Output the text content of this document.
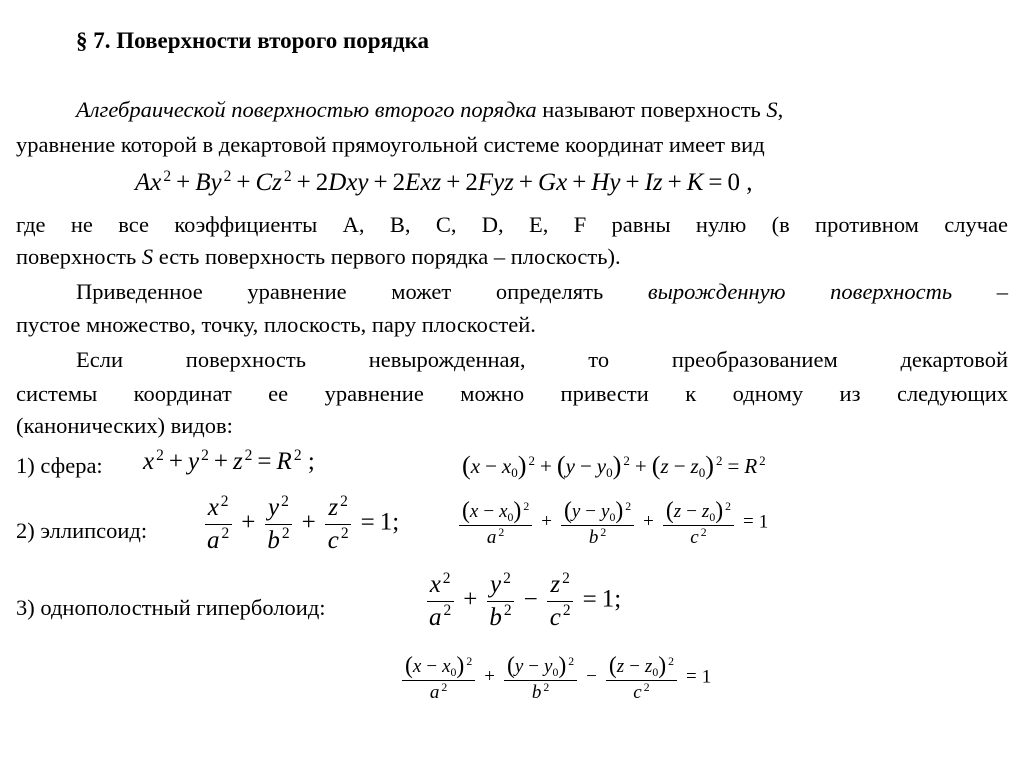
§ 7. Поверхности второго порядка
Алгебраической поверхностью второго порядка называют поверхность S,
уравнение которой в декартовой прямоугольной системе координат имеет вид
Ax $^2$ + By $^2$ + Cz $^2$ + 2Dxy + 2Exz + 2Fyz + Gx + Hy + Iz + K = 0 ,
где не все коэффициенты A, B, C, D, E, F равны нулю (в противном случае
поверхность S есть поверхность первого порядка – плоскость).
Приведенное уравнение может определять вырожденную поверхность –
пустое множество, точку, плоскость, пару плоскостей.
Если поверхность невырожденная, то преобразованием декартовой
системы координат ее уравнение можно привести к одному из следующих
(канонических) видов:
1) сфера: x $^2$ + y $^2$ + z $^2$ = R $^2$ ;	$(x - x_0)$ $^2 + (y - y_0)$ $^2 + (z - z_0)$ $^2$ = R $^2$
2) эллипсоид: $\frac{x ^2}{a ^2} + \frac{y ^2}{b ^2} + \frac{z ^2}{c ^2} = 1$;	$\frac{(x - x_0) ^2}{a ^2} + \frac{(y - y_0) ^2}{b ^2} + \frac{(z - z_0) ^2}{c ^2} = 1$
3) однополостный гиперболоид:	$\frac{x ^2}{a ^2} + \frac{y ^2}{b ^2} - \frac{z ^2}{c ^2} = 1$;
$\frac{(x - x_0) ^2}{a ^2} + \frac{(y - y_0) ^2}{b ^2} - \frac{(z - z_0) ^2}{c ^2} = 1$
